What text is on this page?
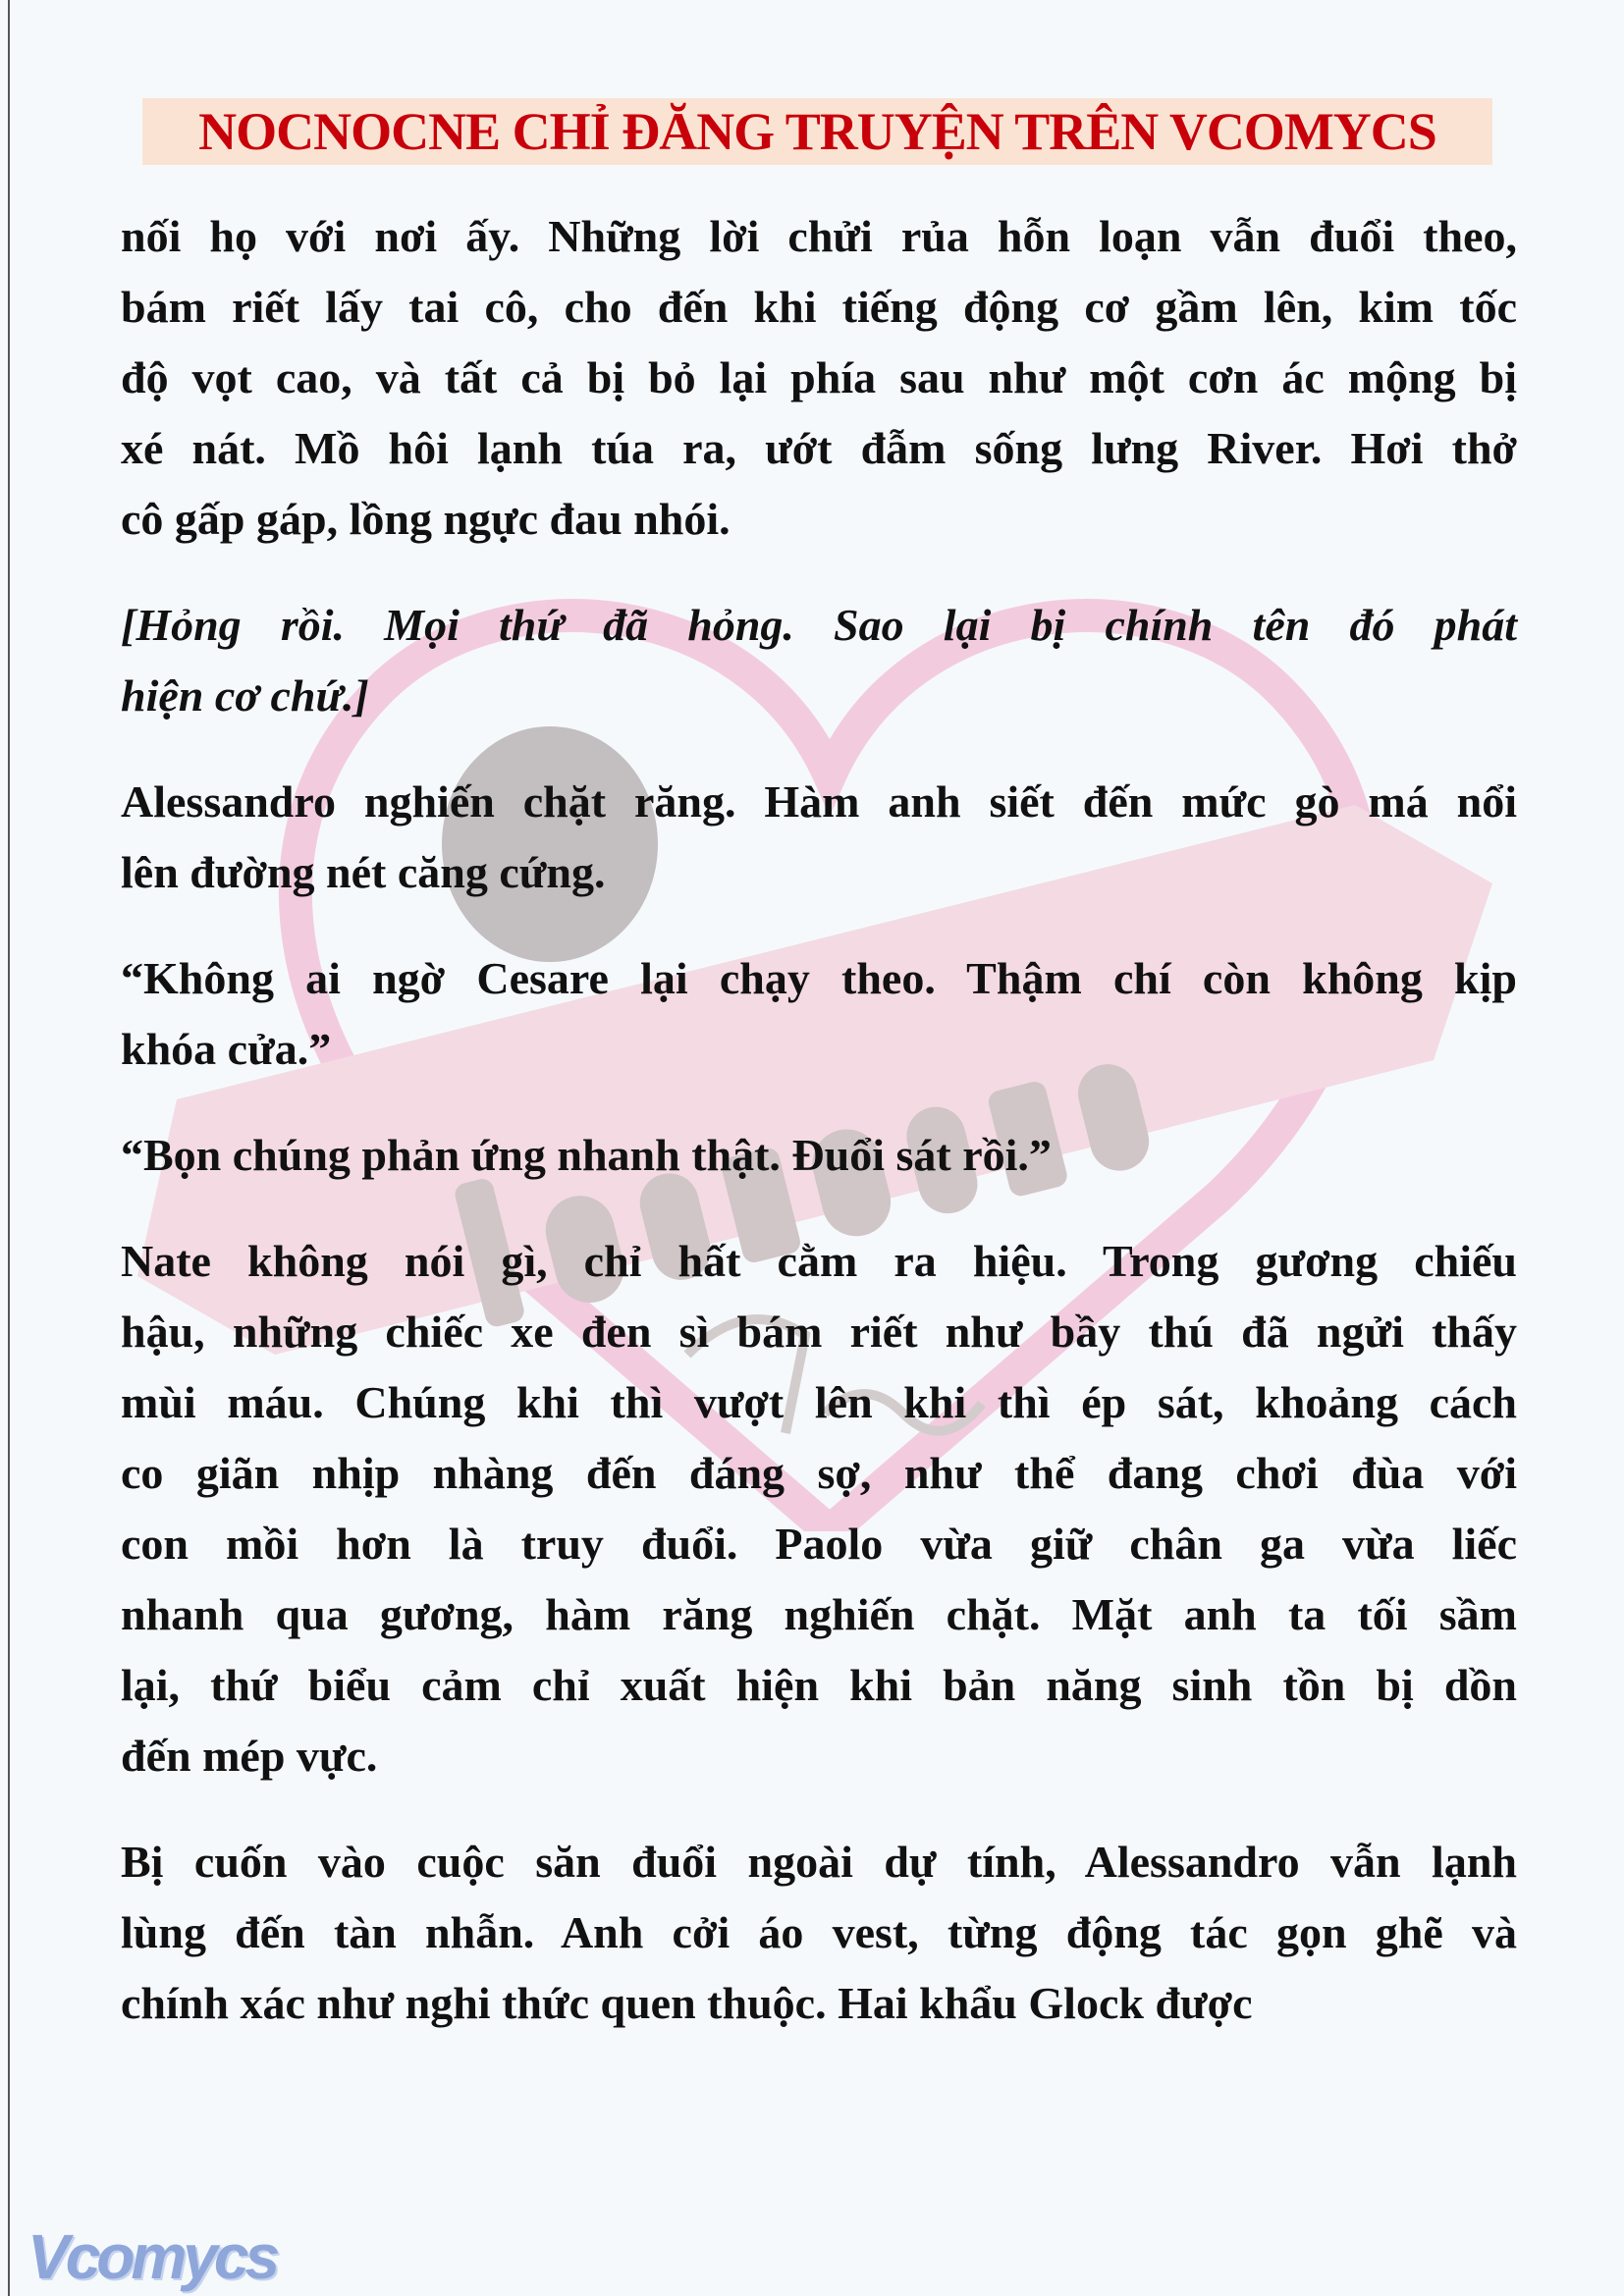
NOCNOCNE CHỈ ĐĂNG TRUYỆN TRÊN VCOMYCS
nối họ với nơi ấy. Những lời chửi rủa hỗn loạn vẫn đuổi theo,
bám riết lấy tai cô, cho đến khi tiếng động cơ gầm lên, kim tốc
độ vọt cao, và tất cả bị bỏ lại phía sau như một cơn ác mộng bị
xé nát. Mồ hôi lạnh túa ra, ướt đẫm sống lưng River. Hơi thở
cô gấp gáp, lồng ngực đau nhói.
[Hỏng rồi. Mọi thứ đã hỏng. Sao lại bị chính tên đó phát
hiện cơ chứ.]
Alessandro nghiến chặt răng. Hàm anh siết đến mức gò má nổi
lên đường nét căng cứng.
“Không ai ngờ Cesare lại chạy theo. Thậm chí còn không kịp
khóa cửa.”
“Bọn chúng phản ứng nhanh thật. Đuổi sát rồi.”
Nate không nói gì, chỉ hất cằm ra hiệu. Trong gương chiếu
hậu, những chiếc xe đen sì bám riết như bầy thú đã ngửi thấy
mùi máu. Chúng khi thì vượt lên khi thì ép sát, khoảng cách
co giãn nhịp nhàng đến đáng sợ, như thể đang chơi đùa với
con mồi hơn là truy đuổi. Paolo vừa giữ chân ga vừa liếc
nhanh qua gương, hàm răng nghiến chặt. Mặt anh ta tối sầm
lại, thứ biểu cảm chỉ xuất hiện khi bản năng sinh tồn bị dồn
đến mép vực.
Bị cuốn vào cuộc săn đuổi ngoài dự tính, Alessandro vẫn lạnh
lùng đến tàn nhẫn. Anh cởi áo vest, từng động tác gọn ghẽ và
chính xác như nghi thức quen thuộc. Hai khẩu Glock được
Vcomycs
